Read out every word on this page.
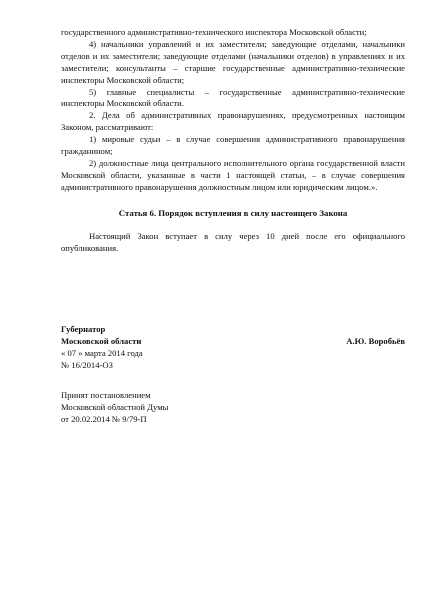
государственного административно-технического инспектора Московской области;

4) начальники управлений и их заместители; заведующие отделами, начальники отделов и их заместители; заведующие отделами (начальники отделов) в управлениях и их заместители; консультанты – старшие государственные административно-технические инспекторы Московской области;

5) главные специалисты – государственные административно-технические инспекторы Московской области.

2. Дела об административных правонарушениях, предусмотренных настоящим Законом, рассматривают:

1) мировые судьи – в случае совершения административного правонарушения гражданином;

2) должностные лица центрального исполнительного органа государственной власти Московской области, указанные в части 1 настоящей статьи, – в случае совершения административного правонарушения должностным лицом или юридическим лицом.».

Статья 6. Порядок вступления в силу настоящего Закона

Настоящий Закон вступает в силу через 10 дней после его официального опубликования.

Губернатор
Московской области	А.Ю. Воробьёв
« 07 » марта 2014 года
№ 16/2014-ОЗ
Принят постановлением
Московской областной Думы
от 20.02.2014 № 9/79-П
